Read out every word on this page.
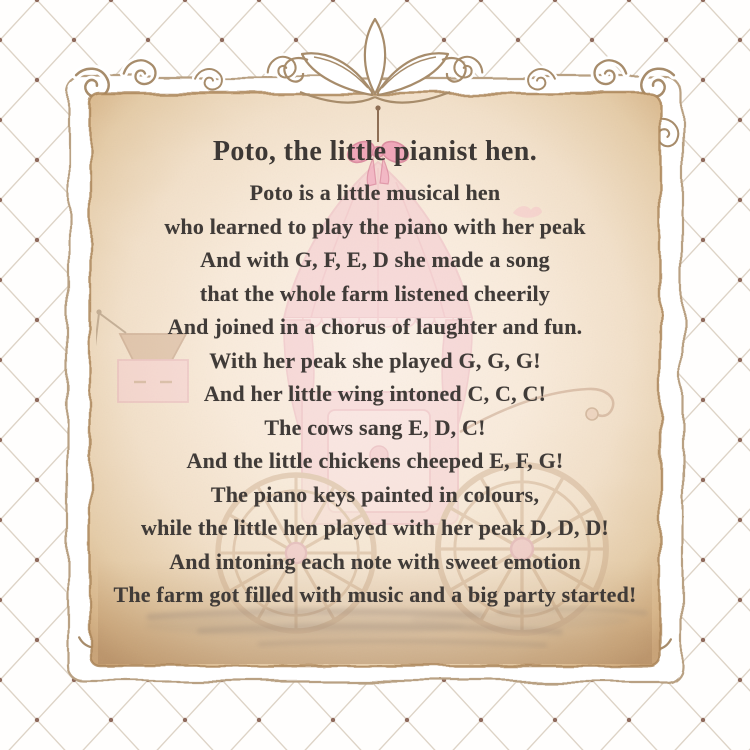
Poto, the little pianist hen.

Poto is a little musical hen

who learned to play the piano with her peak

And with G, F, E, D she made a song

that the whole farm listened cheerily

And joined in a chorus of laughter and fun.

With her peak she played G, G, G!

And her little wing intoned C, C, C!

The cows sang E, D, C!

And the little chickens cheeped E, F, G!

The piano keys painted in colours,

while the little hen played with her peak D, D, D!

And intoning each note with sweet emotion

The farm got filled with music and a big party started!
